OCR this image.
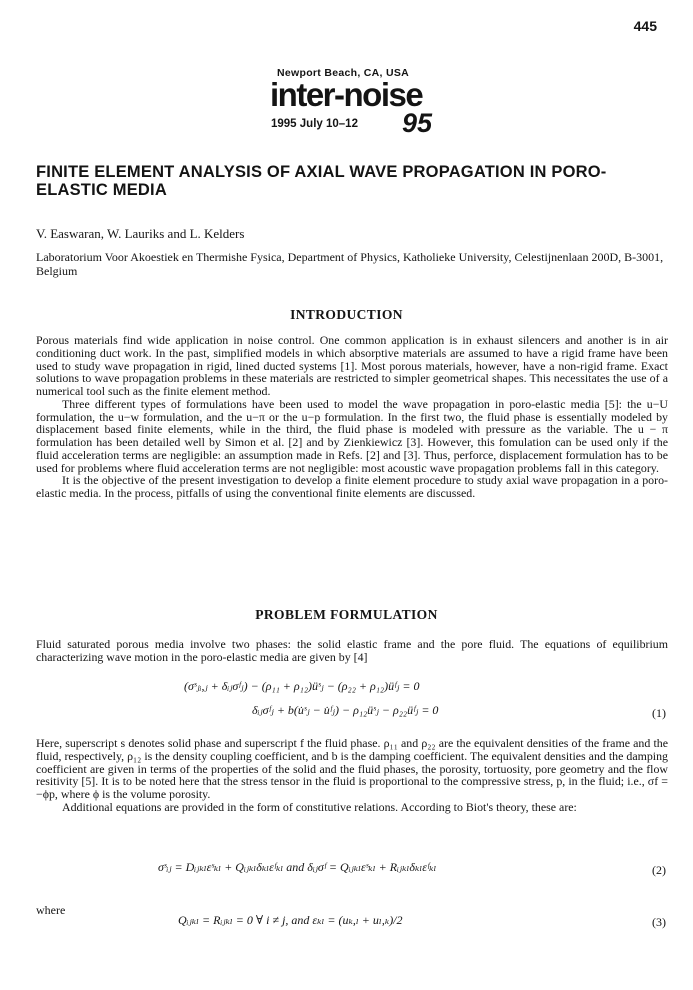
445
Newport Beach, CA, USA
inter-noise
1995 July 10–12 95
FINITE ELEMENT ANALYSIS OF AXIAL WAVE PROPAGATION IN PORO-ELASTIC MEDIA
V. Easwaran, W. Lauriks and L. Kelders
Laboratorium Voor Akoestiek en Thermishe Fysica, Department of Physics, Katholieke University, Celestijnenlaan 200D, B-3001, Belgium
INTRODUCTION

Porous materials find wide application in noise control. One common application is in exhaust silencers and another is in air conditioning duct work. In the past, simplified models in which absorptive materials are assumed to have a rigid frame have been used to study wave propagation in rigid, lined ducted systems [1]. Most porous materials, however, have a non-rigid frame. Exact solutions to wave propagation problems in these materials are restricted to simpler geometrical shapes. This necessitates the use of a numerical tool such as the finite element method.

Three different types of formulations have been used to model the wave propagation in poro-elastic media [5]: the u−U formulation, the u−w formulation, and the u−π or the u−p formulation. In the first two, the fluid phase is essentially modeled by displacement based finite elements, while in the third, the fluid phase is modeled with pressure as the variable. The u − π formulation has been detailed well by Simon et al. [2] and by Zienkiewicz [3]. However, this fomulation can be used only if the fluid acceleration terms are negligible: an assumption made in Refs. [2] and [3]. Thus, perforce, displacement formulation has to be used for problems where fluid acceleration terms are not negligible: most acoustic wave propagation problems fall in this category.

It is the objective of the present investigation to develop a finite element procedure to study axial wave propagation in a poro-elastic media. In the process, pitfalls of using the conventional finite elements are discussed.

PROBLEM FORMULATION

Fluid saturated porous media involve two phases: the solid elastic frame and the pore fluid. The equations of equilibrium characterizing wave motion in the poro-elastic media are given by [4]

(σˢⱼᵢ,ⱼ + δᵢⱼσᶠⱼ) − (ρ₁₁ + ρ₁₂)üˢⱼ − (ρ₂₂ + ρ₁₂)üᶠⱼ = 0
δᵢⱼσᶠⱼ + b(u̇ˢⱼ − u̇ᶠⱼ) − ρ₁₂üˢⱼ − ρ₂₂üᶠⱼ = 0	(1)

Here, superscript s denotes solid phase and superscript f the fluid phase. ρ₁₁ and ρ₂₂ are the equivalent densities of the frame and the fluid, respectively, ρ₁₂ is the density coupling coefficient, and b is the damping coefficient. The equivalent densities and the damping coefficient are given in terms of the properties of the solid and the fluid phases, the porosity, tortuosity, pore geometry and the flow resitivity [5]. It is to be noted here that the stress tensor in the fluid is proportional to the compressive stress, p, in the fluid; i.e., σf = −ϕp, where ϕ is the volume porosity.

Additional equations are provided in the form of constitutive relations. According to Biot's theory, these are:

σˢᵢⱼ = Dᵢⱼₖₗεˢₖₗ + Qᵢⱼₖₗδₖₗεᶠₖₗ and δᵢⱼσᶠ = Qᵢⱼₖₗεˢₖₗ + Rᵢⱼₖₗδₖₗεᶠₖₗ	(2)
where
Qᵢⱼₖₗ = Rᵢⱼₖₗ = 0 ∀ i ≠ j, and εₖₗ = (uₖ,ₗ + uₗ,ₖ)/2	(3)
